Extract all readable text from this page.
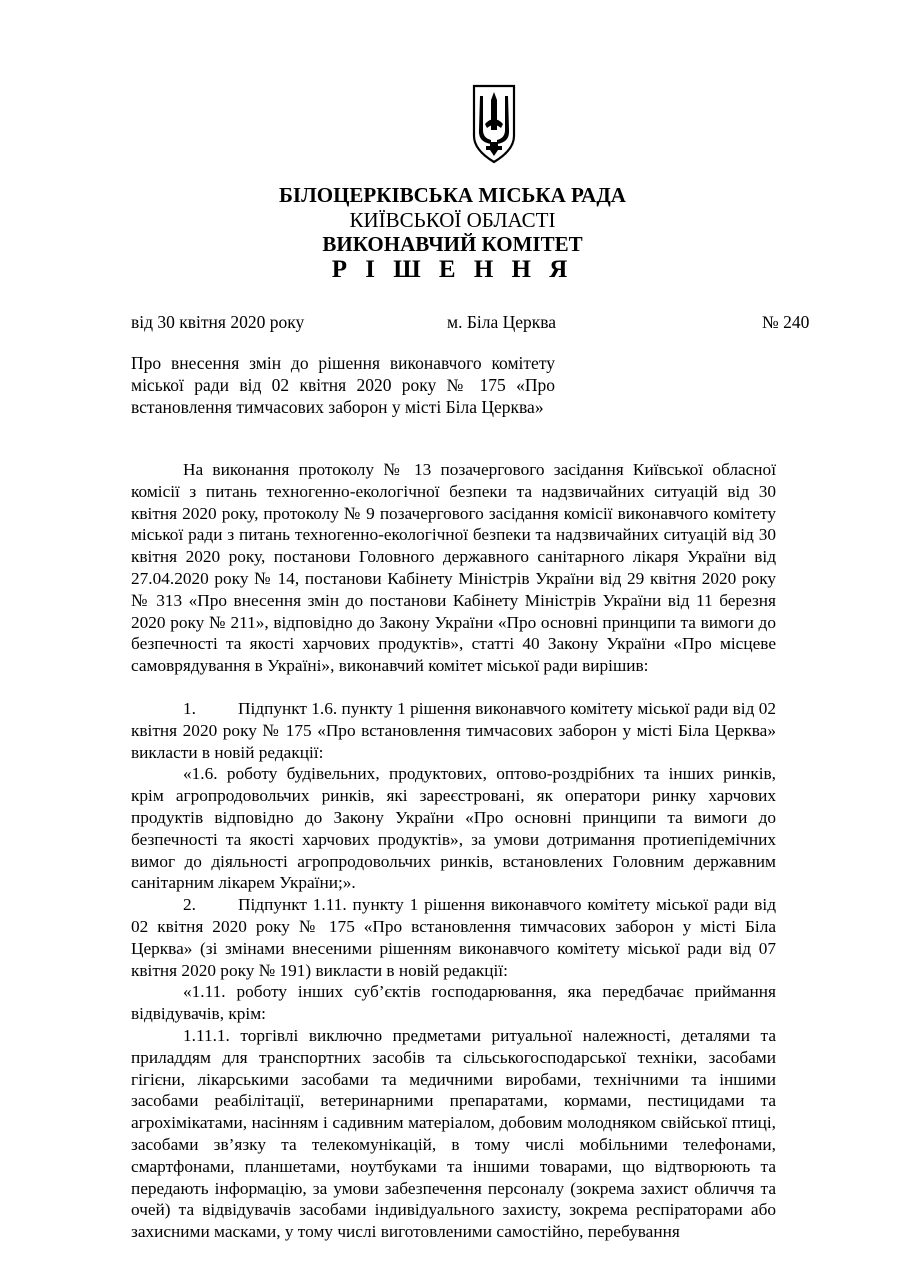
БІЛОЦЕРКІВСЬКА МІСЬКА РАДА
КИЇВСЬКОЇ ОБЛАСТІ
ВИКОНАВЧИЙ КОМІТЕТ
Р І Ш Е Н Н Я
від 30 квітня 2020 року	м. Біла Церква	№ 240
Про внесення змін до рішення виконавчого комітету міської ради від 02 квітня 2020 року № 175 «Про встановлення тимчасових заборон у місті Біла Церква»

На виконання протоколу № 13 позачергового засідання Київської обласної комісії з питань техногенно-екологічної безпеки та надзвичайних ситуацій від 30 квітня 2020 року, протоколу № 9 позачергового засідання комісії виконавчого комітету міської ради з питань техногенно-екологічної безпеки та надзвичайних ситуацій від 30 квітня 2020 року, постанови Головного державного санітарного лікаря України від 27.04.2020 року № 14, постанови Кабінету Міністрів України від 29 квітня 2020 року № 313 «Про внесення змін до постанови Кабінету Міністрів України від 11 березня 2020 року № 211», відповідно до Закону України «Про основні принципи та вимоги до безпечності та якості харчових продуктів», статті 40 Закону України «Про місцеве самоврядування в Україні», виконавчий комітет міської ради вирішив:

1. Підпункт 1.6. пункту 1 рішення виконавчого комітету міської ради від 02 квітня 2020 року № 175 «Про встановлення тимчасових заборон у місті Біла Церква» викласти в новій редакції:

«1.6. роботу будівельних, продуктових, оптово-роздрібних та інших ринків, крім агропродовольчих ринків, які зареєстровані, як оператори ринку харчових продуктів відповідно до Закону України «Про основні принципи та вимоги до безпечності та якості харчових продуктів», за умови дотримання протиепідемічних вимог до діяльності агропродовольчих ринків, встановлених Головним державним санітарним лікарем України;».

2. Підпункт 1.11. пункту 1 рішення виконавчого комітету міської ради від 02 квітня 2020 року № 175 «Про встановлення тимчасових заборон у місті Біла Церква» (зі змінами внесеними рішенням виконавчого комітету міської ради від 07 квітня 2020 року № 191) викласти в новій редакції:

«1.11. роботу інших суб’єктів господарювання, яка передбачає приймання відвідувачів, крім:

1.11.1. торгівлі виключно предметами ритуальної належності, деталями та приладдям для транспортних засобів та сільськогосподарської техніки, засобами гігієни, лікарськими засобами та медичними виробами, технічними та іншими засобами реабілітації, ветеринарними препаратами, кормами, пестицидами та агрохімікатами, насінням і садивним матеріалом, добовим молодняком свійської птиці, засобами зв’язку та телекомунікацій, в тому числі мобільними телефонами, смартфонами, планшетами, ноутбуками та іншими товарами, що відтворюють та передають інформацію, за умови забезпечення персоналу (зокрема захист обличчя та очей) та відвідувачів засобами індивідуального захисту, зокрема респіраторами або захисними масками, у тому числі виготовленими самостійно, перебування
